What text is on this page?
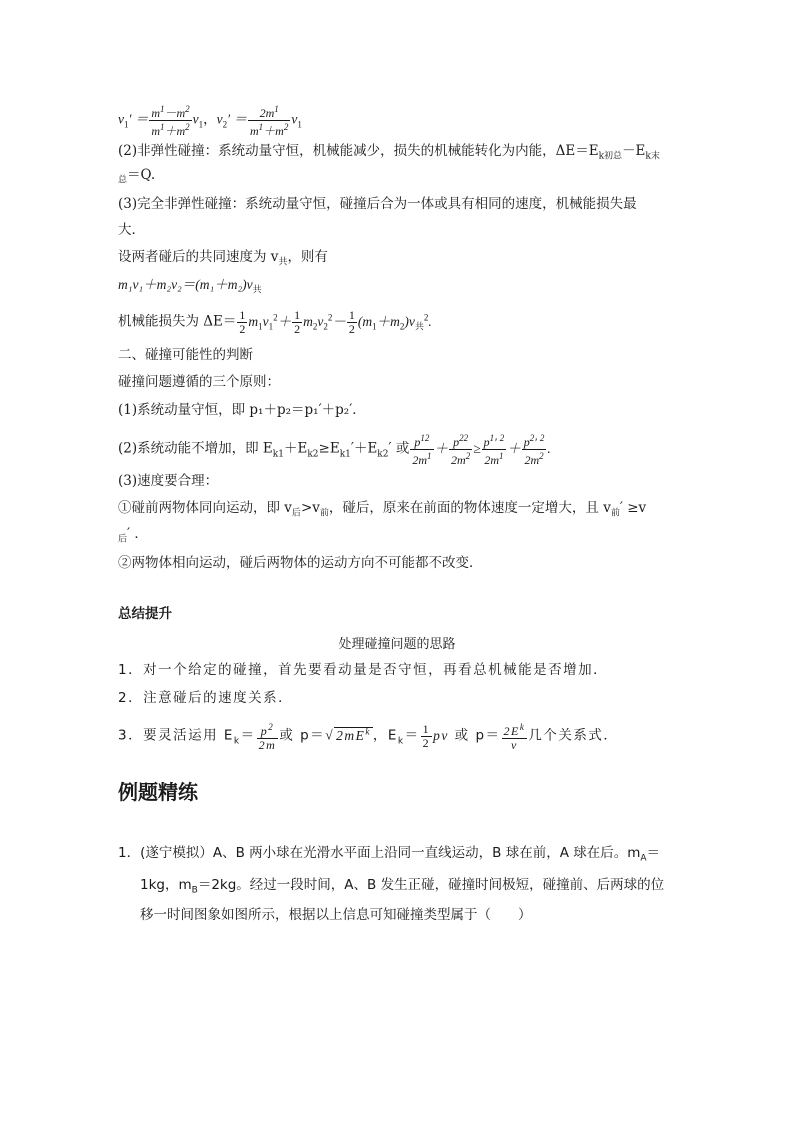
$v_1' = \frac{m^1-m^2}{m^1+m^2} v_1$，$v_2' = \frac{2m^1}{m^1+m^2} v_1$
(2)非弹性碰撞：系统动量守恒，机械能减少，损失的机械能转化为内能，$\Delta E=E_{k初总}-E_{k末}$
$_总$＝Q.
(3)完全非弹性碰撞：系统动量守恒，碰撞后合为一体或具有相同的速度，机械能损失最
大．
设两者碰后的共同速度为 $v_共$，则有
$m_1v_1+m_2v_2=(m_1+m_2)v_共$
机械能损失为 $\Delta E= \frac{1}{2} m_1v_1^2+ \frac{1}{2} m_2v_2^2- \frac{1}{2} (m_1+m_2)v_共^2$.
二、碰撞可能性的判断
碰撞问题遵循的三个原则：
(1)系统动量守恒，即 p₁＋p₂＝p₁′＋p₂′．
(2)系统动能不增加，即 $E_{k1}+E_{k2}\ge E_{k1}'+E_{k2}'$ 或 $\frac{p^{12}}{2m^1} + \frac{p^{22}}{2m^2} \ge \frac{p^1' ^2}{2m^1} + \frac{p^2' ^2}{2m^2}$ .
(3)速度要合理：
①碰前两物体同向运动，即 $v_后>v_前$，碰后，原来在前面的物体速度一定增大，且 $v_前' \ge v$
$_后$′ ．
②两物体相向运动，碰后两物体的运动方向不可能都不改变．
总结提升
处理碰撞问题的思路
1．对一个给定的碰撞，首先要看动量是否守恒，再看总机械能是否增加．
2．注意碰后的速度关系．
3．要灵活运用 $E_k= \frac{p^2}{2m}$ 或 p＝√ $2mE^k$ ，$E_k= \frac{1}{2}$ pv 或 $p= \frac{2E^k}{v}$ 几个关系式．
例题精练
1．(遂宁模拟）A、B 两小球在光滑水平面上沿同一直线运动，B 球在前，A 球在后。$m_A=$
1kg，$m_B=2kg$。经过一段时间，A、B 发生正碰，碰撞时间极短，碰撞前、后两球的位
移一时间图象如图所示，根据以上信息可知碰撞类型属于（　　）
